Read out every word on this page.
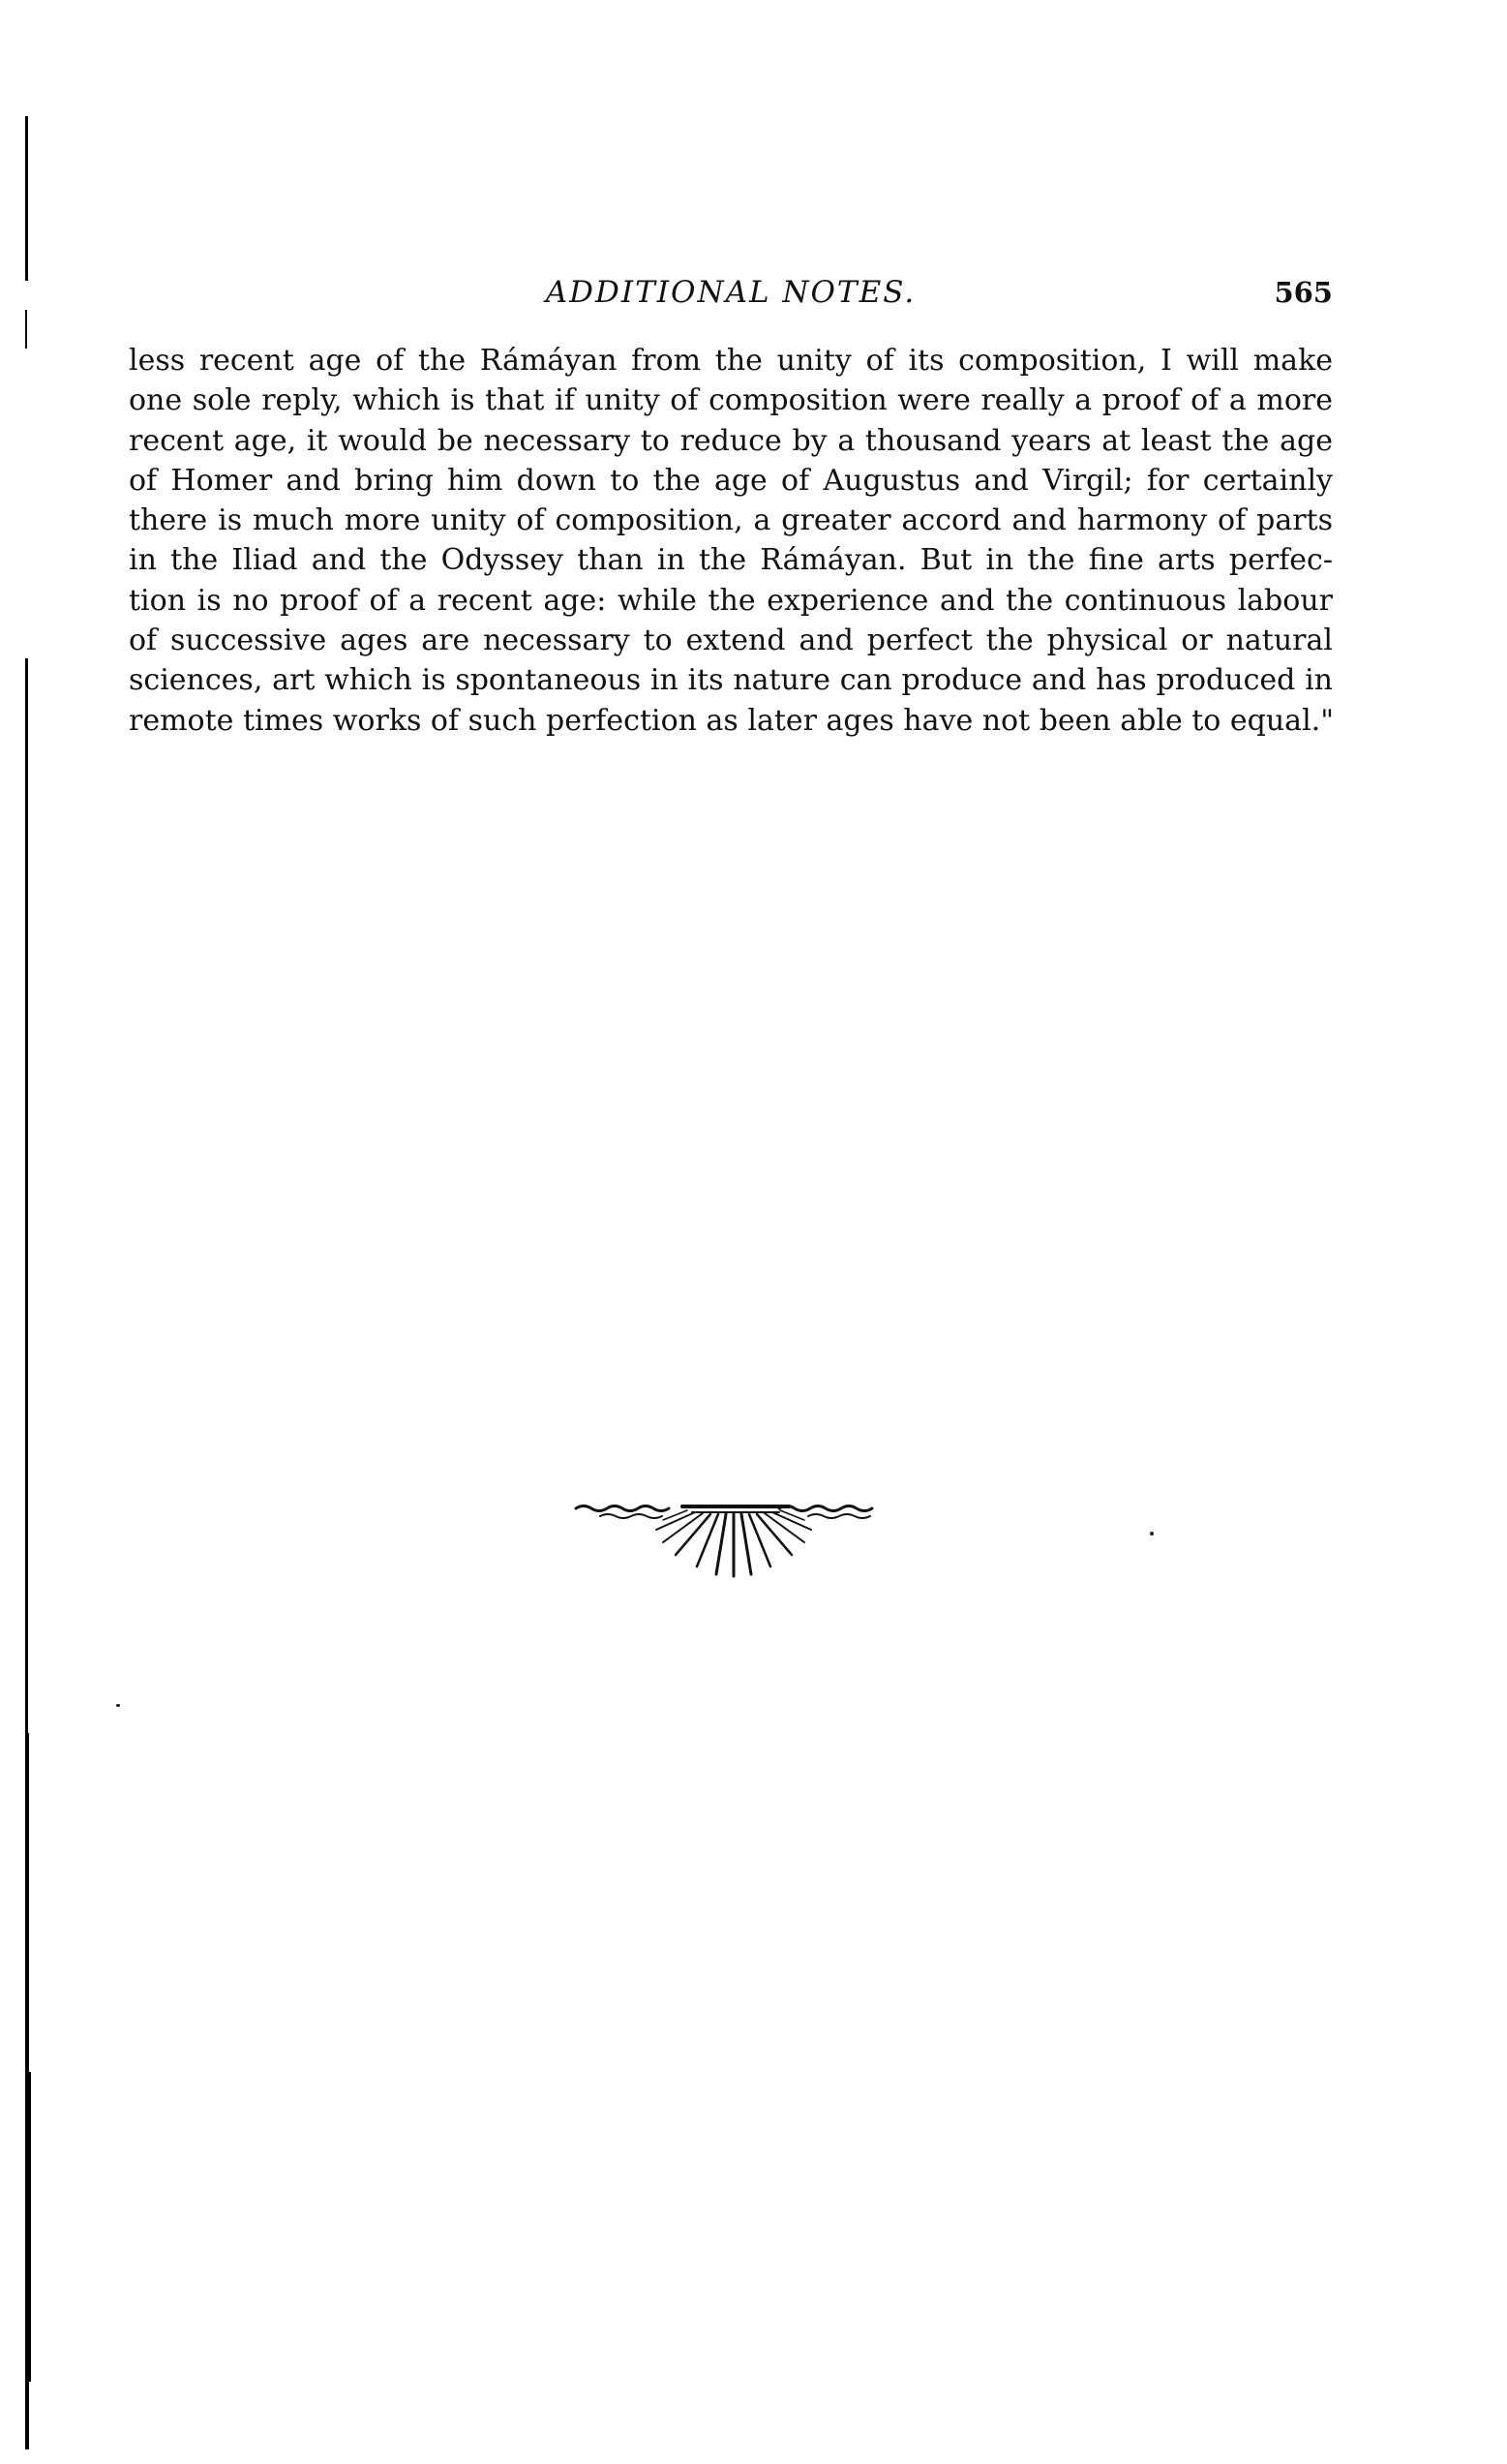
ADDITIONAL NOTES.	565

less recent age of the Rámáyan from the unity of its composition, I will make
one sole reply, which is that if unity of composition were really a proof of a more
recent age, it would be necessary to reduce by a thousand years at least the age
of Homer and bring him down to the age of Augustus and Virgil; for certainly
there is much more unity of composition, a greater accord and harmony of parts
in the Iliad and the Odyssey than in the Rámáyan. But in the fine arts perfec-
tion is no proof of a recent age: while the experience and the continuous labour
of successive ages are necessary to extend and perfect the physical or natural
sciences, art which is spontaneous in its nature can produce and has produced in
remote times works of such perfection as later ages have not been able to equal."
